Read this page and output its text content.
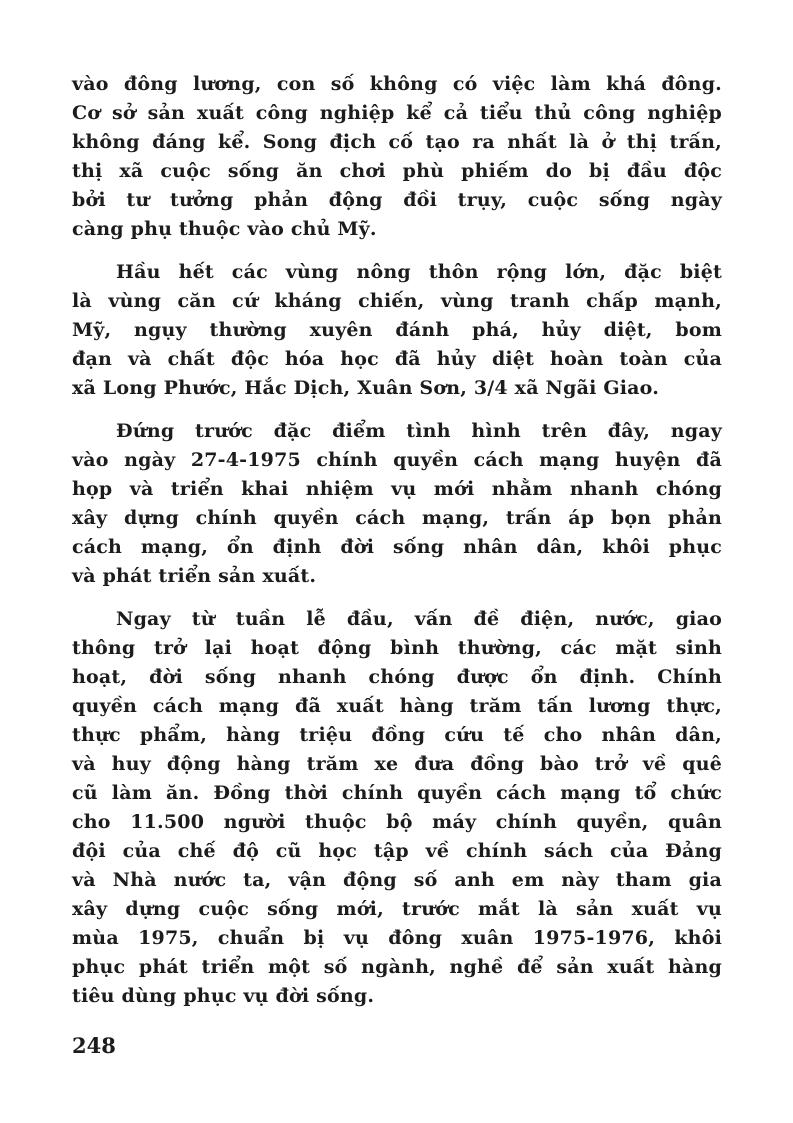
vào đông lương, con số không có việc làm khá đông.
Cơ sở sản xuất công nghiệp kể cả tiểu thủ công nghiệp
không đáng kể. Song địch cố tạo ra nhất là ở thị trấn,
thị xã cuộc sống ăn chơi phù phiếm do bị đầu độc
bởi tư tưởng phản động đồi trụy, cuộc sống ngày
càng phụ thuộc vào chủ Mỹ.

Hầu hết các vùng nông thôn rộng lớn, đặc biệt
là vùng căn cứ kháng chiến, vùng tranh chấp mạnh,
Mỹ, ngụy thường xuyên đánh phá, hủy diệt, bom
đạn và chất độc hóa học đã hủy diệt hoàn toàn của
xã Long Phước, Hắc Dịch, Xuân Sơn, 3/4 xã Ngãi Giao.

Đứng trước đặc điểm tình hình trên đây, ngay
vào ngày 27-4-1975 chính quyền cách mạng huyện đã
họp và triển khai nhiệm vụ mới nhằm nhanh chóng
xây dựng chính quyền cách mạng, trấn áp bọn phản
cách mạng, ổn định đời sống nhân dân, khôi phục
và phát triển sản xuất.

Ngay từ tuần lễ đầu, vấn đề điện, nước, giao
thông trở lại hoạt động bình thường, các mặt sinh
hoạt, đời sống nhanh chóng được ổn định. Chính
quyền cách mạng đã xuất hàng trăm tấn lương thực,
thực phẩm, hàng triệu đồng cứu tế cho nhân dân,
và huy động hàng trăm xe đưa đồng bào trở về quê
cũ làm ăn. Đồng thời chính quyền cách mạng tổ chức
cho 11.500 người thuộc bộ máy chính quyền, quân
đội của chế độ cũ học tập về chính sách của Đảng
và Nhà nước ta, vận động số anh em này tham gia
xây dựng cuộc sống mới, trước mắt là sản xuất vụ
mùa 1975, chuẩn bị vụ đông xuân 1975-1976, khôi
phục phát triển một số ngành, nghề để sản xuất hàng
tiêu dùng phục vụ đời sống.

248
